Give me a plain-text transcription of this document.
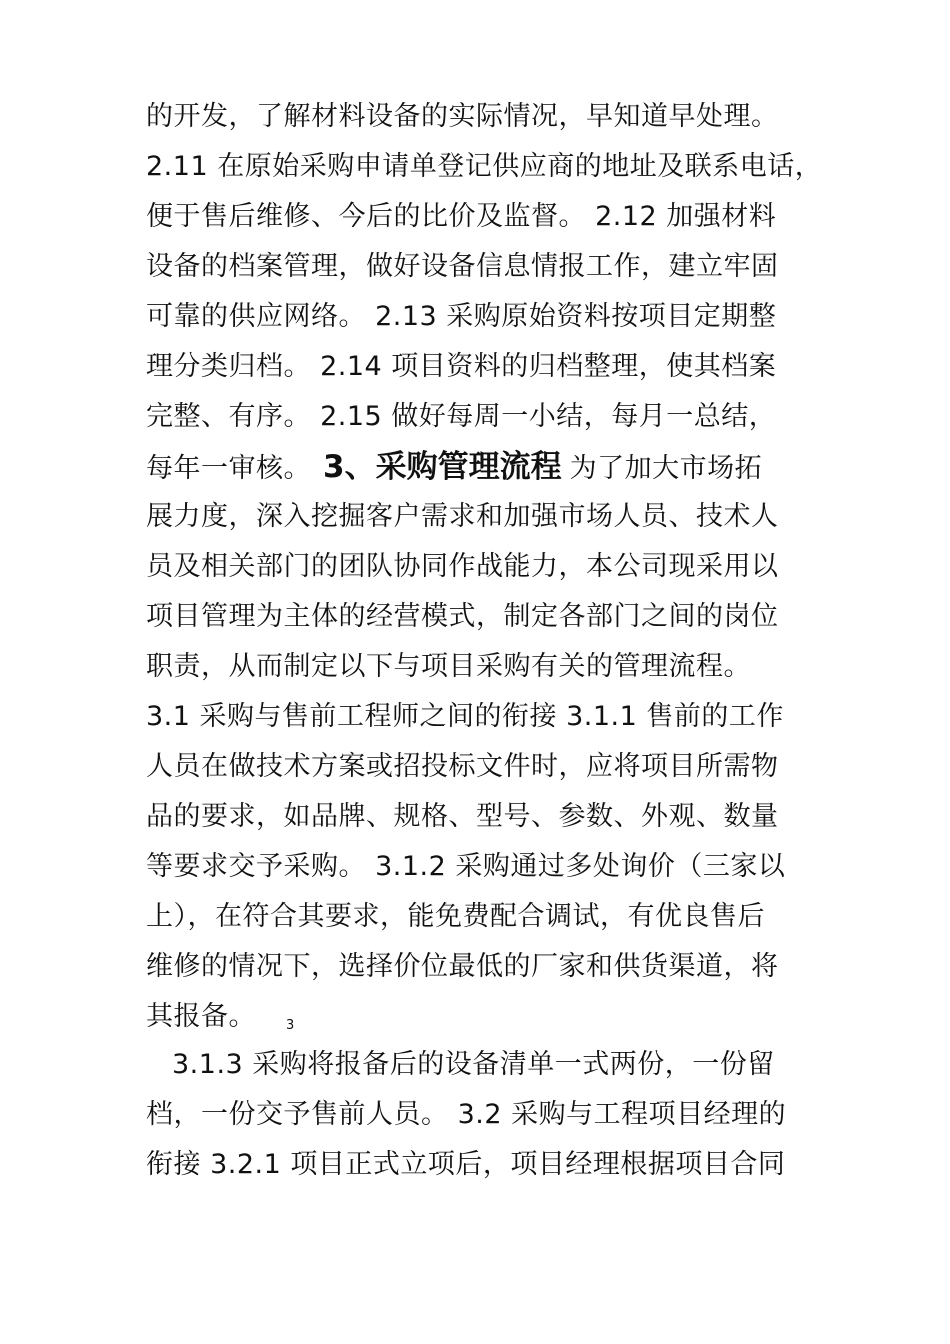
的开发，了解材料设备的实际情况，早知道早处理。
2.11 在原始采购申请单登记供应商的地址及联系电话，
便于售后维修、今后的比价及监督。 2.12 加强材料
设备的档案管理，做好设备信息情报工作，建立牢固
可靠的供应网络。 2.13 采购原始资料按项目定期整
理分类归档。 2.14 项目资料的归档整理，使其档案
完整、有序。 2.15 做好每周一小结，每月一总结，
每年一审核。 3、采购管理流程 为了加大市场拓
展力度，深入挖掘客户需求和加强市场人员、技术人
员及相关部门的团队协同作战能力，本公司现采用以
项目管理为主体的经营模式，制定各部门之间的岗位
职责，从而制定以下与项目采购有关的管理流程。
3.1 采购与售前工程师之间的衔接 3.1.1 售前的工作
人员在做技术方案或招投标文件时，应将项目所需物
品的要求，如品牌、规格、型号、参数、外观、数量
等要求交予采购。 3.1.2 采购通过多处询价（三家以
上），在符合其要求，能免费配合调试，有优良售后
维修的情况下，选择价位最低的厂家和供货渠道，将
其报备。 3
3.1.3 采购将报备后的设备清单一式两份，一份留
档，一份交予售前人员。 3.2 采购与工程项目经理的
衔接 3.2.1 项目正式立项后，项目经理根据项目合同
